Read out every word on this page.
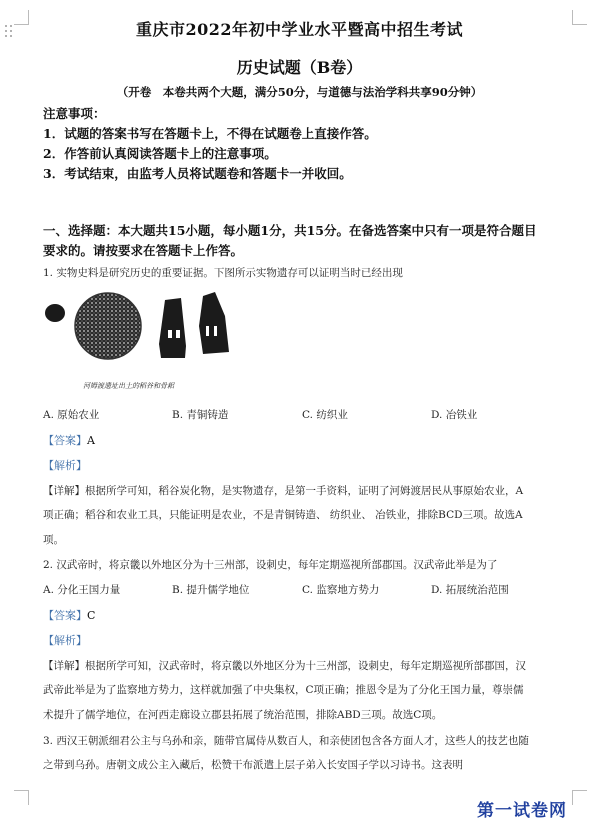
重庆市2022年初中学业水平暨高中招生考试
历史试题（B卷）
（开卷　本卷共两个大题，满分50分，与道德与法治学科共享90分钟）
注意事项：
1．试题的答案书写在答题卡上，不得在试题卷上直接作答。
2．作答前认真阅读答题卡上的注意事项。
3．考试结束，由监考人员将试题卷和答题卡一并收回。
一、选择题：本大题共15小题，每小题1分，共15分。在备选答案中只有一项是符合题目
要求的。请按要求在答题卡上作答。
1. 实物史料是研究历史的重要证据。下图所示实物遗存可以证明当时已经出现
河姆渡遗址出土的稻谷和骨耜
A. 原始农业	B. 青铜铸造	C. 纺织业	D. 冶铁业
【答案】A
【解析】
【详解】根据所学可知，稻谷炭化物，是实物遗存，是第一手资料，证明了河姆渡居民从事原始农业，A
项正确；稻谷和农业工具，只能证明是农业，不是青铜铸造、 纺织业、 冶铁业，排除BCD三项。故选A
项。
2. 汉武帝时，将京畿以外地区分为十三州部，设刺史，每年定期巡视所部郡国。汉武帝此举是为了
A. 分化王国力量	B. 提升儒学地位	C. 监察地方势力	D. 拓展统治范围
【答案】C
【解析】
【详解】根据所学可知，汉武帝时，将京畿以外地区分为十三州部，设刺史，每年定期巡视所部郡国，汉
武帝此举是为了监察地方势力，这样就加强了中央集权，C项正确；推恩令是为了分化王国力量，尊崇儒
术提升了儒学地位，在河西走廊设立郡县拓展了统治范围，排除ABD三项。故选C项。
3. 西汉王朝派细君公主与乌孙和亲，随带官属侍从数百人，和亲使团包含各方面人才，这些人的技艺也随
之带到乌孙。唐朝文成公主入藏后，松赞干布派遣上层子弟入长安国子学以习诗书。这表明
第一试卷网
